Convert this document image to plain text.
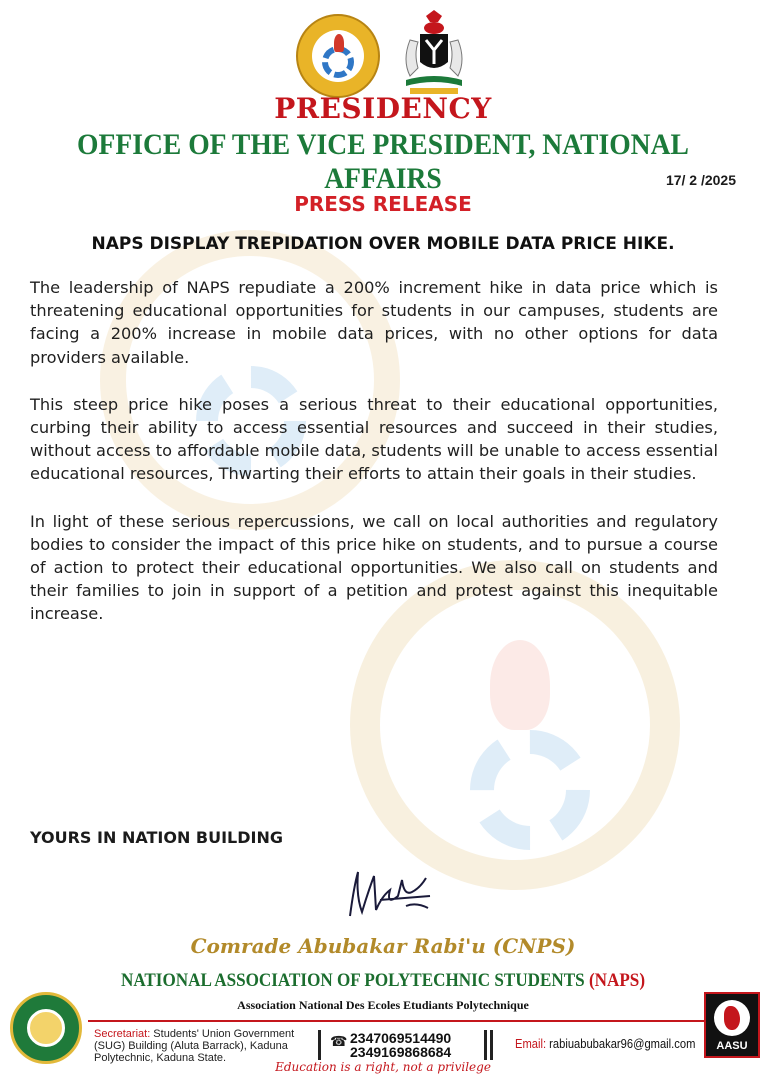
PRESIDENCY
OFFICE OF THE VICE PRESIDENT, NATIONAL AFFAIRS	17/ 2 /2025
PRESS RELEASE
NAPS DISPLAY TREPIDATION OVER MOBILE DATA PRICE HIKE.

The leadership of NAPS repudiate a 200% increment hike in data price which is threatening educational opportunities for students in our campuses, students are facing a 200% increase in mobile data prices, with no other options for data providers available.

This steep price hike poses a serious threat to their educational opportunities, curbing their ability to access essential resources and succeed in their studies, without access to affordable mobile data, students will be unable to access essential educational resources, Thwarting their efforts to attain their goals in their studies.

In light of these serious repercussions, we call on local authorities and regulatory bodies to consider the impact of this price hike on students, and to pursue a course of action to protect their educational opportunities. We also call on students and their families to join in support of a petition and protest against this inequitable increase.

YOURS IN NATION BUILDING
Comrade Abubakar Rabi'u (CNPS)
NATIONAL ASSOCIATION OF POLYTECHNIC STUDENTS (NAPS)
Association National Des Ecoles Etudiants Polytechnique
Secretariat: Students' Union Government (SUG) Building (Aluta Barrack), Kaduna Polytechnic, Kaduna State.
☎ 2347069514490
2349169868684
Email: rabiuabubakar96@gmail.com	AASU
Education is a right, not a privilege
